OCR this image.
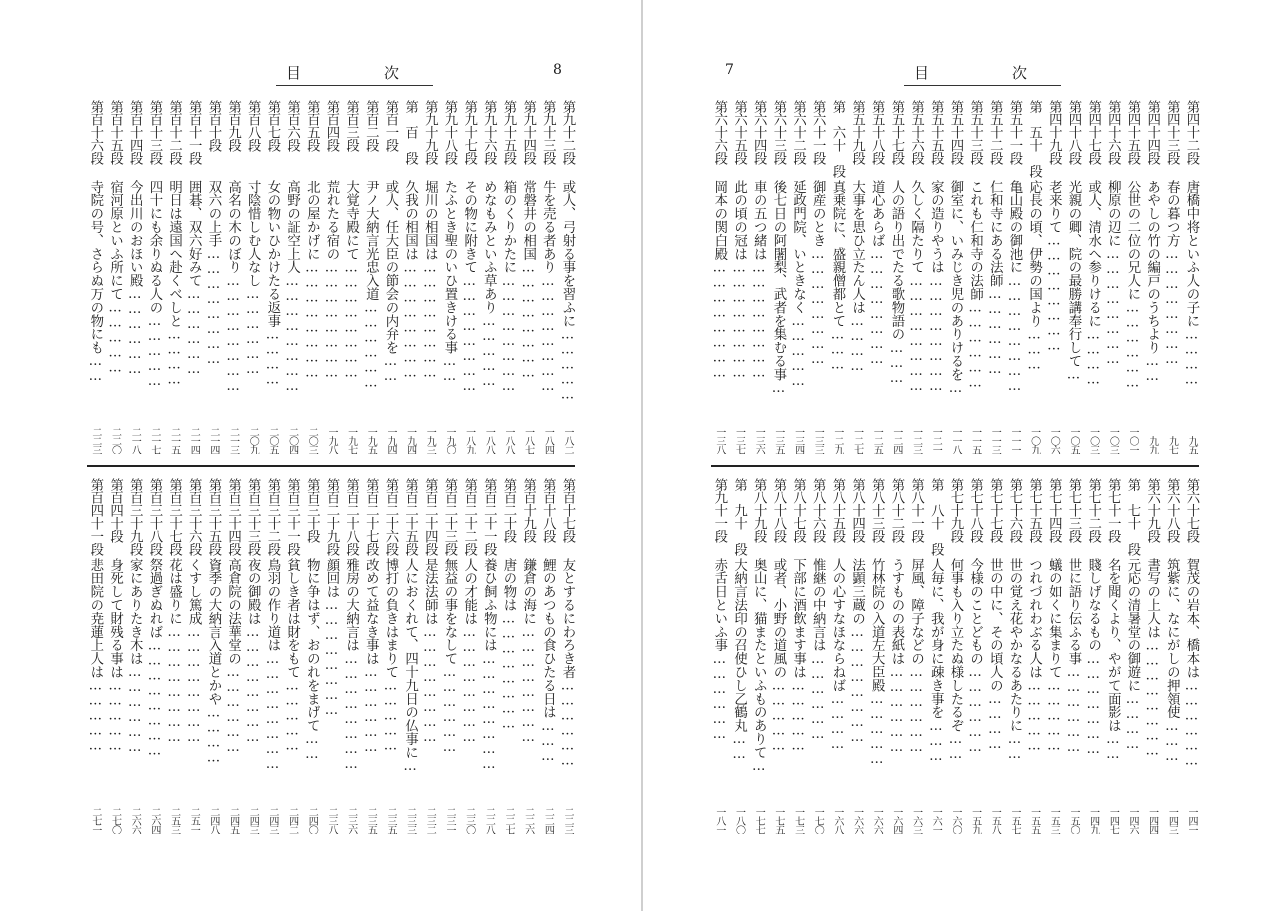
目　次	8
第九十二段
或人、弓射る事を習ふに……………
一八二
第九十三段
牛を売る者あり……………………
一八四
第九十四段
常磐井の相国……………………
一八七
第九十五段
箱のくりかたに……………………
一八八
第九十六段
めなもみといふ草あり……………
一八八
第九十七段
その物に附きて……………………
一八九
第九十八段
たふとき聖のいひ置きける事……
一九〇
第九十九段
堀川の相国は……………………
一九三
第　百　段
久我の相国は……………………
一九四
第百一段
或人、任大臣の節会の内弁を……
一九四
第百二段
尹ノ大納言光忠入道………………
一九五
第百三段
大覚寺殿にて……………………
一九七
第百四段
荒れたる宿の……………………
一九八
第百五段
北の屋かげに……………………
二〇三
第百六段
高野の証空上人……………………
二〇四
第百七段
女の物いひかけたる返事…………
二〇五
第百八段
寸陰惜しむ人なし………………
二〇九
第百九段
高名の木のぼり……………………
二一三
第百十段
双六の上手……………………
二一四
第百十一段
囲碁、双六好みて………………
二一四
第百十二段
明日は遠国へ赴くべしと…………
二一五
第百十三段
四十にも余りぬる人の……………
二一七
第百十四段
今出川のおほい殿………………
二一八
第百十五段
宿河原といふ所にて……………
二二〇
第百十六段
寺院の号、さらぬ万の物にも……
二二三
第百十七段
友とするにわろき者………………
二二三
第百十八段
鯉のあつもの食ひたる日は………
二二四
第百十九段
鎌倉の海に……………………
二二六
第百二十段
唐の物は……………………
二二七
第百二十一段
養ひ飼ふ物には……………………
二二八
第百二十二段
人の才能は……………………
二三〇
第百二十三段
無益の事をなして………………
二三一
第百二十四段
是法法師は……………………
二三二
第百二十五段
人におくれて、四十九日の仏事に…
二三三
第百二十六段
博打の負きはまりて……………
二三五
第百二十七段
改めて益なき事は………………
二三五
第百二十八段
雅房の大納言は……………………
二三六
第百二十九段
顔回は……………………
二三八
第百三十段
物に争はず、おのれをまげて……
二四〇
第百三十一段
貧しき者は財をもて……………
二四二
第百三十二段
鳥羽の作り道は……………………
二四三
第百三十三段
夜の御殿は……………………
二四三
第百三十四段
高倉院の法華堂の………………
二四五
第百三十五段
資季の大納言入道とかや…………
二四八
第百三十六段
くすし篤成……………………
二五一
第百三十七段
花は盛りに……………………
二五三
第百三十八段
祭過ぎぬれば……………………
二六四
第百三十九段
家にありたき木は………………
二六六
第百四十段
身死して財残る事は……………
二七〇
第百四十一段
悲田院の尭蓮上人は……………
二七一
目　次
7
第四十二段
唐橋中将といふ人の子に…………
九五
第四十三段
春の暮つ方……………………
九七
第四十四段
あやしの竹の編戸のうちより……
九九
第四十五段
公世の二位の兄人に………………
一〇一
第四十六段
柳原の辺に……………………
一〇三
第四十七段
或人、清水へ参りけるに…………
一〇三
第四十八段
光親の卿、院の最勝講奉行して…
一〇五
第四十九段
老来りて……………………
一〇六
第　五十　段
応長の頃、伊勢の国より………
一〇九
第五十一段
亀山殿の御池に……………………
一一一
第五十二段
仁和寺にある法師………………
一一三
第五十三段
これも仁和寺の法師………………
一一五
第五十四段
御室に、いみじき児のありけるを…
一一八
第五十五段
家の造りやうは……………………
一二一
第五十六段
久しく隔たりて……………………
一二三
第五十七段
人の語り出でたる歌物語の………
一二四
第五十八段
道心あらば……………………
一二五
第五十九段
大事を思ひ立たん人は…………
一二七
第　六十　段
真乗院に、盛親僧都とて………
一二九
第六十一段
御産のとき……………………
一三三
第六十二段
延政門院、いときなく……………
一三四
第六十三段
後七日の阿闍梨、武者を集むる事…
一三五
第六十四段
車の五つ緒は……………………
一三六
第六十五段
此の頃の冠は……………………
一三七
第六十六段
岡本の関白殿……………………
一三八
第六十七段
賀茂の岩本、橋本は………………
一四一
第六十八段
筑紫に、なにがしの押領使………
一四三
第六十九段
書写の上人は……………………
一四四
第　七十　段
元応の清暑堂の御遊に…………
一四六
第七十一段
名を聞くより、やがて面影は……
一四七
第七十二段
賤しげなるもの…………………
一四九
第七十三段
世に語り伝ふる事………………
一五〇
第七十四段
蟻の如くに集まりて……………
一五三
第七十五段
つれづれわぶる人は……………
一五五
第七十六段
世の覚え花やかなるあたりに……
一五七
第七十七段
世の中に、その頃人の…………
一五八
第七十八段
今様のことどもの………………
一五九
第七十九段
何事も入り立たぬ様したるぞ……
一六〇
第　八十　段
人毎に、我が身に疎き事を………
一六一
第八十一段
屏風、障子などの………………
一六三
第八十二段
うすものの表紙は………………
一六四
第八十三段
竹林院の入道左大臣殿……………
一六六
第八十四段
法顕三蔵の……………………
一六六
第八十五段
人の心すなほならねば…………
一六八
第八十六段
惟継の中納言は………………
一七〇
第八十七段
下部に酒飲ます事は……………
一七三
第八十八段
或者、小野の道風の……………
一七五
第八十九段
奥山に、猫またといふものありて…
一七七
第　九十　段
大納言法印の召使ひし乙鶴丸……
一八〇
第九十一段
赤舌日といふ事………………
一八一
